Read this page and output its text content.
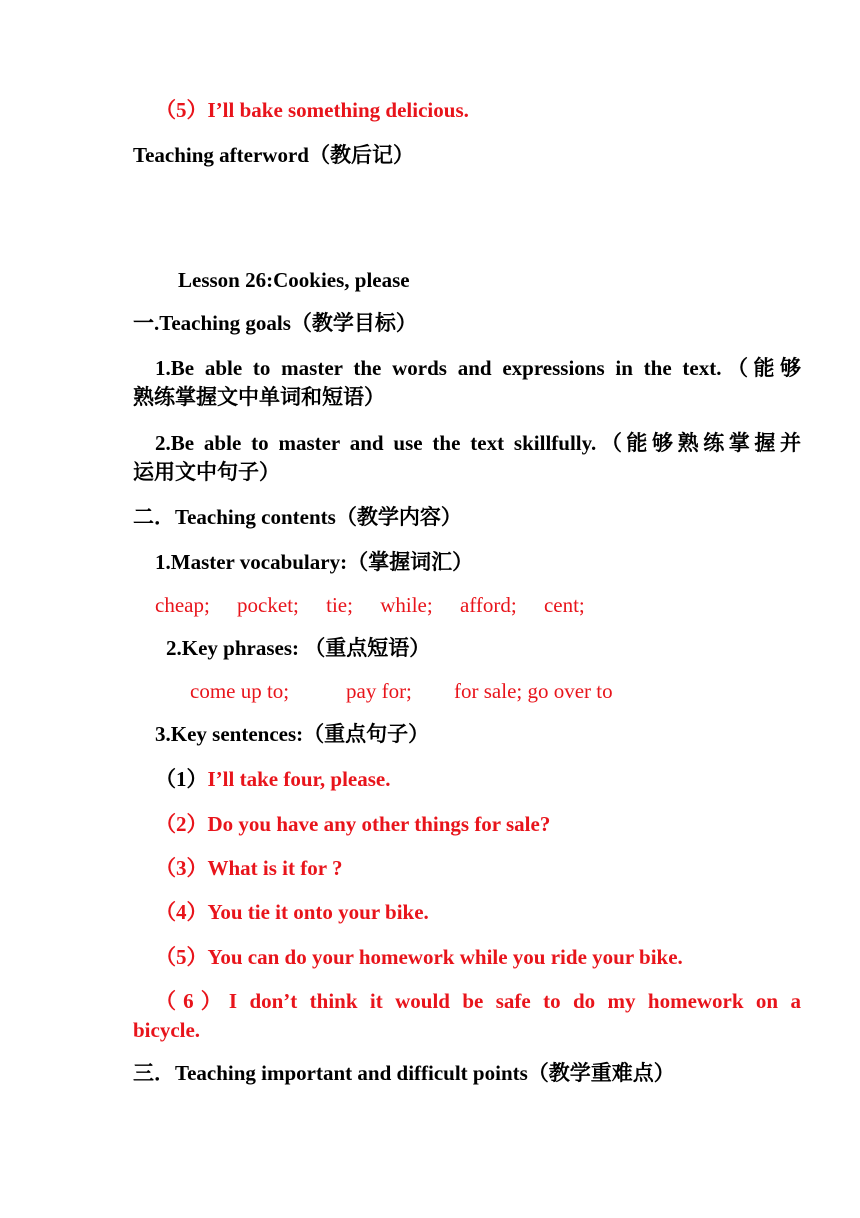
（5）I’ll bake something delicious.
Teaching afterword（教后记）
Lesson 26:Cookies, please
一.Teaching goals（教学目标）
1.Be able to master the words and expressions in the text.（能够
熟练掌握文中单词和短语）
2.Be able to master and use the text skillfully.（能够熟练掌握并
运用文中句子）
二．Teaching contents（教学内容）
1.Master vocabulary:（掌握词汇）
cheap; pocket; tie; while; afford; cent;
2.Key phrases: （重点短语）
come up to;	pay for; for sale; go over to
3.Key sentences:（重点句子）
（1）I’ll take four, please.
（2）Do you have any other things for sale?
（3）What is it for ?
（4）You tie it onto your bike.
（5）You can do your homework while you ride your bike.
（6）I don’t think it would be safe to do my homework on a
bicycle.
三．Teaching important and difficult points（教学重难点）
